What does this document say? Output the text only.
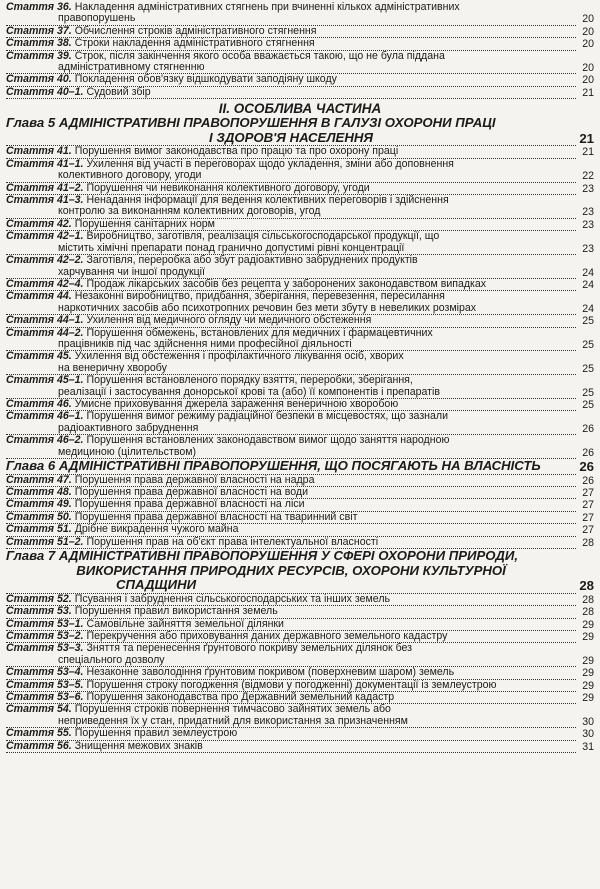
Стаття 36. Накладення адміністративних стягнень при вчиненні кількох адміністративних
правопорушень	20
Стаття 37. Обчислення строків адміністративного стягнення	20
Стаття 38. Строки накладення адміністративного стягнення	20
Стаття 39. Строк, після закінчення якого особа вважається такою, що не була піддана
адміністративному стягненню	20
Стаття 40. Покладення обов'язку відшкодувати заподіяну шкоду	20
Стаття 40–1. Судовий збір	21
II. ОСОБЛИВА ЧАСТИНА
Глава 5 АДМІНІСТРАТИВНІ ПРАВОПОРУШЕННЯ В ГАЛУЗІ ОХОРОНИ ПРАЦІ
І ЗДОРОВ'Я НАСЕЛЕННЯ	21
Стаття 41. Порушення вимог законодавства про працю та про охорону праці	21
Стаття 41–1. Ухилення від участі в переговорах щодо укладення, зміни або доповнення
колективного договору, угоди	22
Стаття 41–2. Порушення чи невиконання колективного договору, угоди	23
Стаття 41–3. Ненадання інформації для ведення колективних переговорів і здійснення
контролю за виконанням колективних договорів, угод	23
Стаття 42. Порушення санітарних норм	23
Стаття 42–1. Виробництво, заготівля, реалізація сільськогосподарської продукції, що
містить хімічні препарати понад гранично допустимі рівні концентрації	23
Стаття 42–2. Заготівля, переробка або збут радіоактивно забруднених продуктів
харчування чи іншої продукції	24
Стаття 42–4. Продаж лікарських засобів без рецепта у заборонених законодавством випадках	24
Стаття 44. Незаконні виробництво, придбання, зберігання, перевезення, пересилання
наркотичних засобів або психотропних речовин без мети збуту в невеликих розмірах	24
Стаття 44–1. Ухилення від медичного огляду чи медичного обстеження	25
Стаття 44–2. Порушення обмежень, встановлених для медичних і фармацевтичних
працівників під час здійснення ними професійної діяльності	25
Стаття 45. Ухилення від обстеження і профілактичного лікування осіб, хворих
на венеричну хворобу	25
Стаття 45–1. Порушення встановленого порядку взяття, переробки, зберігання,
реалізації і застосування донорської крові та (або) її компонентів і препаратів	25
Стаття 46. Умисне приховування джерела зараження венеричною хворобою	25
Стаття 46–1. Порушення вимог режиму радіаційної безпеки в місцевостях, що зазнали
радіоактивного забруднення	26
Стаття 46–2. Порушення встановлених законодавством вимог щодо заняття народною
медициною (цілительством)	26
Глава 6 АДМІНІСТРАТИВНІ ПРАВОПОРУШЕННЯ, ЩО ПОСЯГАЮТЬ НА ВЛАСНІСТЬ	26
Стаття 47. Порушення права державної власності на надра	26
Стаття 48. Порушення права державної власності на води	27
Стаття 49. Порушення права державної власності на ліси	27
Стаття 50. Порушення права державної власності на тваринний світ	27
Стаття 51. Дрібне викрадення чужого майна	27
Стаття 51–2. Порушення прав на об'єкт права інтелектуальної власності	28
Глава 7 АДМІНІСТРАТИВНІ ПРАВОПОРУШЕННЯ У СФЕРІ ОХОРОНИ ПРИРОДИ,
ВИКОРИСТАННЯ ПРИРОДНИХ РЕСУРСІВ, ОХОРОНИ КУЛЬТУРНОЇ
СПАДЩИНИ	28
Стаття 52. Псування і забруднення сільськогосподарських та інших земель	28
Стаття 53. Порушення правил використання земель	28
Стаття 53–1. Самовільне зайняття земельної ділянки	29
Стаття 53–2. Перекручення або приховування даних державного земельного кадастру	29
Стаття 53–3. Зняття та перенесення ґрунтового покриву земельних ділянок без
спеціального дозволу	29
Стаття 53–4. Незаконне заволодіння ґрунтовим покривом (поверхневим шаром) земель	29
Стаття 53–5. Порушення строку погодження (відмови у погодженні) документації із землеустрою	29
Стаття 53–6. Порушення законодавства про Державний земельний кадастр	29
Стаття 54. Порушення строків повернення тимчасово зайнятих земель або
неприведення їх у стан, придатний для використання за призначенням	30
Стаття 55. Порушення правил землеустрою	30
Стаття 56. Знищення межових знаків	31
